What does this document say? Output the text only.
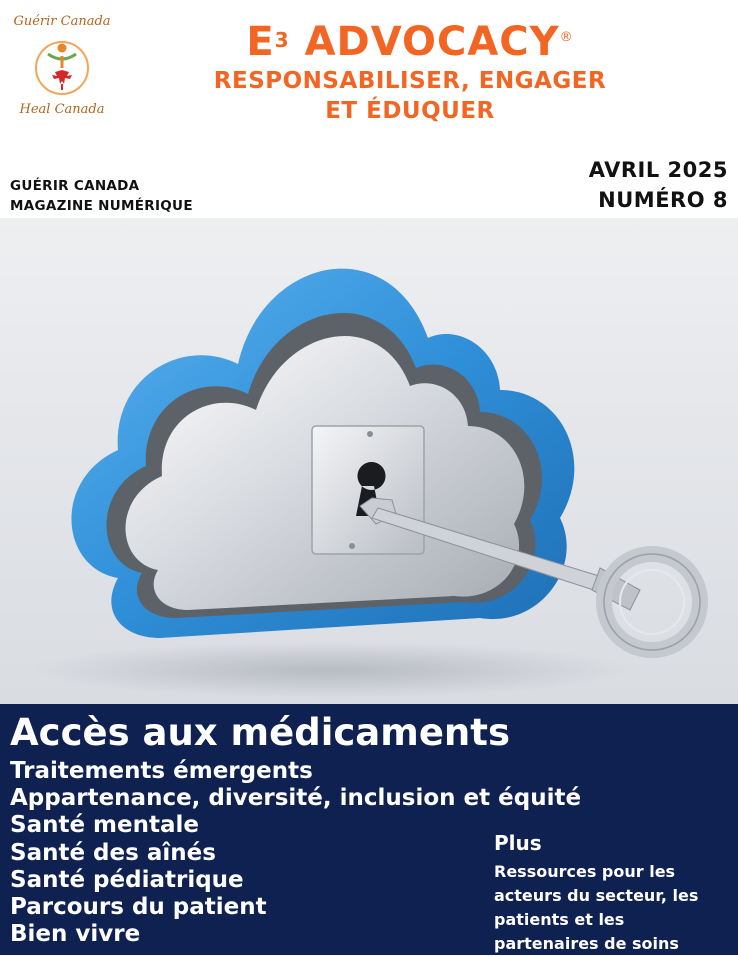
Guérir Canada
Heal Canada
$E^3$ ADVOCACY®
RESPONSABILISER, ENGAGER
ET ÉDUQUER
GUÉRIR CANADA
MAGAZINE NUMÉRIQUE
AVRIL 2025
NUMÉRO 8
Accès aux médicaments
Traitements émergents
Appartenance, diversité, inclusion et équité
Santé mentale
Santé des aînés
Santé pédiatrique
Parcours du patient
Bien vivre
Plus
Ressources pour les acteurs du secteur, les patients et les partenaires de soins
